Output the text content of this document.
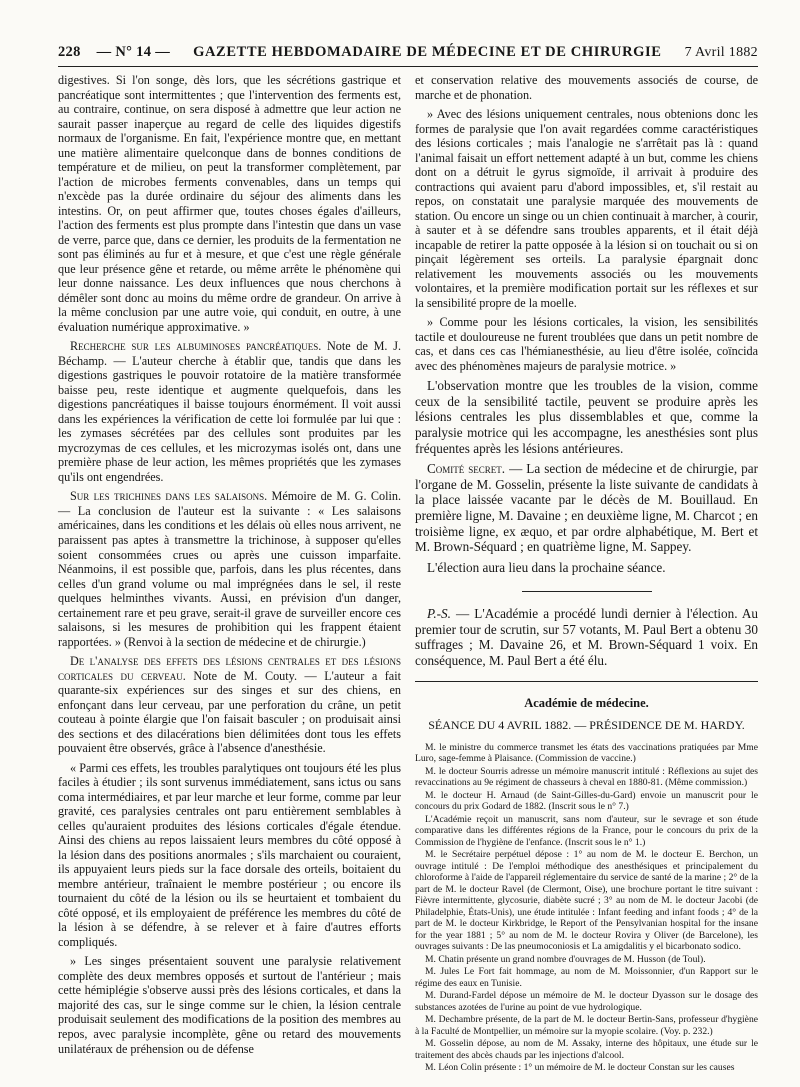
228 — N° 14 — GAZETTE HEBDOMADAIRE DE MÉDECINE ET DE CHIRURGIE 7 Avril 1882

digestives. Si l'on songe, dès lors, que les sécrétions gastrique et pancréatique sont intermittentes ; que l'intervention des ferments est, au contraire, continue, on sera disposé à admettre que leur action ne saurait passer inaperçue au regard de celle des liquides digestifs normaux de l'organisme. En fait, l'expérience montre que, en mettant une matière alimentaire quelconque dans de bonnes conditions de température et de milieu, on peut la transformer complètement, par l'action de microbes ferments convenables, dans un temps qui n'excède pas la durée ordinaire du séjour des aliments dans les intestins. Or, on peut affirmer que, toutes choses égales d'ailleurs, l'action des ferments est plus prompte dans l'intestin que dans un vase de verre, parce que, dans ce dernier, les produits de la fermentation ne sont pas éliminés au fur et à mesure, et que c'est une règle générale que leur présence gêne et retarde, ou même arrête le phénomène qui leur donne naissance. Les deux influences que nous cherchons à démêler sont donc au moins du même ordre de grandeur. On arrive à la même conclusion par une autre voie, qui conduit, en outre, à une évaluation numérique approximative. »

Recherche sur les albuminoses pancréatiques. Note de M. J. Béchamp. — L'auteur cherche à établir que, tandis que dans les digestions gastriques le pouvoir rotatoire de la matière transformée baisse peu, reste identique et augmente quelquefois, dans les digestions pancréatiques il baisse toujours énormément. Il voit aussi dans les expériences la vérification de cette loi formulée par lui que : les zymases sécrétées par des cellules sont produites par les mycrozymas de ces cellules, et les microzymas isolés ont, dans une première phase de leur action, les mêmes propriétés que les zymases qu'ils ont engendrées.

Sur les trichines dans les salaisons. Mémoire de M. G. Colin. — La conclusion de l'auteur est la suivante : « Les salaisons américaines, dans les conditions et les délais où elles nous arrivent, ne paraissent pas aptes à transmettre la trichinose, à supposer qu'elles soient consommées crues ou après une cuisson imparfaite. Néanmoins, il est possible que, parfois, dans les plus récentes, dans celles d'un grand volume ou mal imprégnées dans le sel, il reste quelques helminthes vivants. Aussi, en prévision d'un danger, certainement rare et peu grave, serait-il grave de surveiller encore ces salaisons, si les mesures de prohibition qui les frappent étaient rapportées. » (Renvoi à la section de médecine et de chirurgie.)

De l'analyse des effets des lésions centrales et des lésions corticales du cerveau. Note de M. Couty. — L'auteur a fait quarante-six expériences sur des singes et sur des chiens, en enfonçant dans leur cerveau, par une perforation du crâne, un petit couteau à pointe élargie que l'on faisait basculer ; on produisait ainsi des sections et des dilacérations bien délimitées dont tous les effets pouvaient être observés, grâce à l'absence d'anesthésie.

« Parmi ces effets, les troubles paralytiques ont toujours été les plus faciles à étudier ; ils sont survenus immédiatement, sans ictus ou sans coma intermédiaires, et par leur marche et leur forme, comme par leur gravité, ces paralysies centrales ont paru entièrement semblables à celles qu'auraient produites des lésions corticales d'égale étendue. Ainsi des chiens au repos laissaient leurs membres du côté opposé à la lésion dans des positions anormales ; s'ils marchaient ou couraient, ils appuyaient leurs pieds sur la face dorsale des orteils, boitaient du membre antérieur, traînaient le membre postérieur ; ou encore ils tournaient du côté de la lésion ou ils se heurtaient et tombaient du côté opposé, et ils employaient de préférence les membres du côté de la lésion à se défendre, à se relever et à faire d'autres efforts compliqués.

» Les singes présentaient souvent une paralysie relativement complète des deux membres opposés et surtout de l'antérieur ; mais cette hémiplégie s'observe aussi près des lésions corticales, et dans la majorité des cas, sur le singe comme sur le chien, la lésion centrale produisait seulement des modifications de la position des membres au repos, avec paralysie incomplète, gêne ou retard des mouvements unilatéraux de préhension ou de défense

et conservation relative des mouvements associés de course, de marche et de phonation.

» Avec des lésions uniquement centrales, nous obtenions donc les formes de paralysie que l'on avait regardées comme caractéristiques des lésions corticales ; mais l'analogie ne s'arrêtait pas là : quand l'animal faisait un effort nettement adapté à un but, comme les chiens dont on a détruit le gyrus sigmoïde, il arrivait à produire des contractions qui avaient paru d'abord impossibles, et, s'il restait au repos, on constatait une paralysie marquée des mouvements de station. Ou encore un singe ou un chien continuait à marcher, à courir, à sauter et à se défendre sans troubles apparents, et il était déjà incapable de retirer la patte opposée à la lésion si on touchait ou si on pinçait légèrement ses orteils. La paralysie épargnait donc relativement les mouvements associés ou les mouvements volontaires, et la première modification portait sur les réflexes et sur la sensibilité propre de la moelle.

» Comme pour les lésions corticales, la vision, les sensibilités tactile et douloureuse ne furent troublées que dans un petit nombre de cas, et dans ces cas l'hémianesthésie, au lieu d'être isolée, coïncida avec des phénomènes majeurs de paralysie motrice. »

L'observation montre que les troubles de la vision, comme ceux de la sensibilité tactile, peuvent se produire après les lésions centrales les plus dissemblables et que, comme la paralysie motrice qui les accompagne, les anesthésies sont plus fréquentes après les lésions antérieures.

Comité secret. — La section de médecine et de chirurgie, par l'organe de M. Gosselin, présente la liste suivante de candidats à la place laissée vacante par le décès de M. Bouillaud. En première ligne, M. Davaine ; en deuxième ligne, M. Charcot ; en troisième ligne, ex æquo, et par ordre alphabétique, M. Bert et M. Brown-Séquard ; en quatrième ligne, M. Sappey.

L'élection aura lieu dans la prochaine séance.

P.-S. — L'Académie a procédé lundi dernier à l'élection. Au premier tour de scrutin, sur 57 votants, M. Paul Bert a obtenu 30 suffrages ; M. Davaine 26, et M. Brown-Séquard 1 voix. En conséquence, M. Paul Bert a été élu.

Académie de médecine.
SÉANCE DU 4 AVRIL 1882. — PRÉSIDENCE DE M. HARDY.

M. le ministre du commerce transmet les états des vaccinations pratiquées par Mme Luro, sage-femme à Plaisance. (Commission de vaccine.)

M. le docteur Sourris adresse un mémoire manuscrit intitulé : Réflexions au sujet des revaccinations au 9e régiment de chasseurs à cheval en 1880-81. (Même commission.)

M. le docteur H. Arnaud (de Saint-Gilles-du-Gard) envoie un manuscrit pour le concours du prix Godard de 1882. (Inscrit sous le n° 7.)

L'Académie reçoit un manuscrit, sans nom d'auteur, sur le sevrage et son étude comparative dans les différentes régions de la France, pour le concours du prix de la Commission de l'hygiène de l'enfance. (Inscrit sous le n° 1.)

M. le Secrétaire perpétuel dépose : 1° au nom de M. le docteur E. Berchon, un ouvrage intitulé : De l'emploi méthodique des anesthésiques et principalement du chloroforme à l'aide de l'appareil réglementaire du service de santé de la marine ; 2° de la part de M. le docteur Ravel (de Clermont, Oise), une brochure portant le titre suivant : Fièvre intermittente, glycosurie, diabète sucré ; 3° au nom de M. le docteur Jacobi (de Philadelphie, États-Unis), une étude intitulée : Infant feeding and infant foods ; 4° de la part de M. le docteur Kirkbridge, le Report of the Pensylvanian hospital for the insane for the year 1881 ; 5° au nom de M. le docteur Rovira y Oliver (de Barcelone), les ouvrages suivants : De las pneumoconiosis et La amigdalitis y el bicarbonato sodico.

M. Chatin présente un grand nombre d'ouvrages de M. Husson (de Toul).

M. Jules Le Fort fait hommage, au nom de M. Moissonnier, d'un Rapport sur le régime des eaux en Tunisie.

M. Durand-Fardel dépose un mémoire de M. le docteur Dyasson sur le dosage des substances azotées de l'urine au point de vue hydrologique.

M. Dechambre présente, de la part de M. le docteur Bertin-Sans, professeur d'hygiène à la Faculté de Montpellier, un mémoire sur la myopie scolaire. (Voy. p. 232.)

M. Gosselin dépose, au nom de M. Assaky, interne des hôpitaux, une étude sur le traitement des abcès chauds par les injections d'alcool.

M. Léon Colin présente : 1° un mémoire de M. le docteur Constan sur les causes
